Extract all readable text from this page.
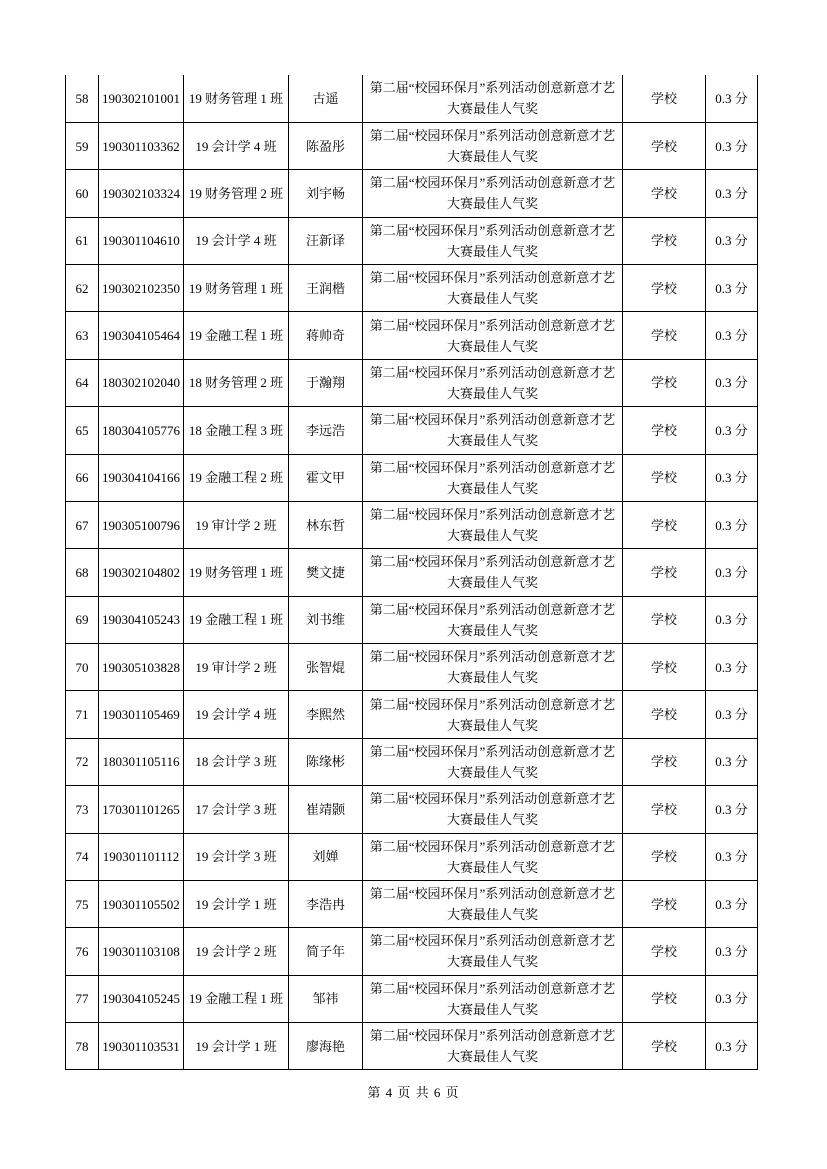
58	190302101001	19 财务管理 1 班	古遥	第二届“校园环保月”系列活动创意新意才艺大赛最佳人气奖	学校	0.3 分
59	190301103362	19 会计学 4 班	陈盈彤	第二届“校园环保月”系列活动创意新意才艺大赛最佳人气奖	学校	0.3 分
60	190302103324	19 财务管理 2 班	刘宇畅	第二届“校园环保月”系列活动创意新意才艺大赛最佳人气奖	学校	0.3 分
61	190301104610	19 会计学 4 班	汪新译	第二届“校园环保月”系列活动创意新意才艺大赛最佳人气奖	学校	0.3 分
62	190302102350	19 财务管理 1 班	王润楷	第二届“校园环保月”系列活动创意新意才艺大赛最佳人气奖	学校	0.3 分
63	190304105464	19 金融工程 1 班	蒋帅奇	第二届“校园环保月”系列活动创意新意才艺大赛最佳人气奖	学校	0.3 分
64	180302102040	18 财务管理 2 班	于瀚翔	第二届“校园环保月”系列活动创意新意才艺大赛最佳人气奖	学校	0.3 分
65	180304105776	18 金融工程 3 班	李远浩	第二届“校园环保月”系列活动创意新意才艺大赛最佳人气奖	学校	0.3 分
66	190304104166	19 金融工程 2 班	霍文甲	第二届“校园环保月”系列活动创意新意才艺大赛最佳人气奖	学校	0.3 分
67	190305100796	19 审计学 2 班	林东哲	第二届“校园环保月”系列活动创意新意才艺大赛最佳人气奖	学校	0.3 分
68	190302104802	19 财务管理 1 班	樊文捷	第二届“校园环保月”系列活动创意新意才艺大赛最佳人气奖	学校	0.3 分
69	190304105243	19 金融工程 1 班	刘书维	第二届“校园环保月”系列活动创意新意才艺大赛最佳人气奖	学校	0.3 分
70	190305103828	19 审计学 2 班	张智焜	第二届“校园环保月”系列活动创意新意才艺大赛最佳人气奖	学校	0.3 分
71	190301105469	19 会计学 4 班	李熙然	第二届“校园环保月”系列活动创意新意才艺大赛最佳人气奖	学校	0.3 分
72	180301105116	18 会计学 3 班	陈缘彬	第二届“校园环保月”系列活动创意新意才艺大赛最佳人气奖	学校	0.3 分
73	170301101265	17 会计学 3 班	崔靖颢	第二届“校园环保月”系列活动创意新意才艺大赛最佳人气奖	学校	0.3 分
74	190301101112	19 会计学 3 班	刘婵	第二届“校园环保月”系列活动创意新意才艺大赛最佳人气奖	学校	0.3 分
75	190301105502	19 会计学 1 班	李浩冉	第二届“校园环保月”系列活动创意新意才艺大赛最佳人气奖	学校	0.3 分
76	190301103108	19 会计学 2 班	简子年	第二届“校园环保月”系列活动创意新意才艺大赛最佳人气奖	学校	0.3 分
77	190304105245	19 金融工程 1 班	邹祎	第二届“校园环保月”系列活动创意新意才艺大赛最佳人气奖	学校	0.3 分
78	190301103531	19 会计学 1 班	廖海艳	第二届“校园环保月”系列活动创意新意才艺大赛最佳人气奖	学校	0.3 分
第 4 页 共 6 页
